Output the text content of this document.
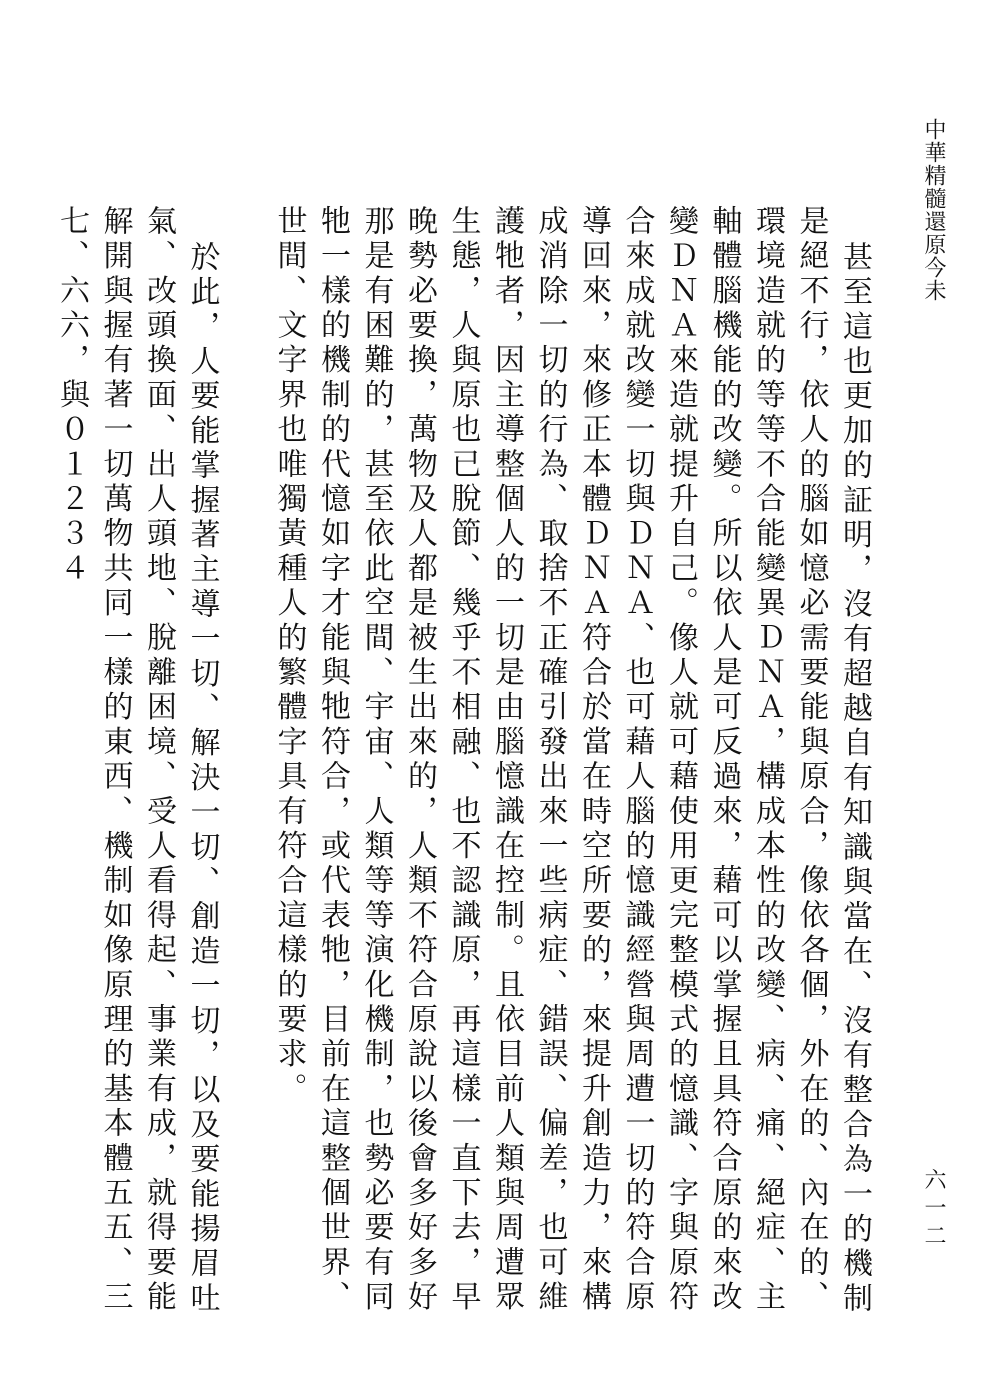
中華精髓還原今未
六一二

甚至這也更加的証明，沒有超越自有知識與當在、沒有整合為一的機制是絕不行，依人的腦如憶必需要能與原合，像依各個，外在的、內在的、環境造就的等等不合能變異ＤＮＡ，構成本性的改變、病、痛、絕症、主軸體腦機能的改變。所以依人是可反過來，藉可以掌握且具符合原的來改變ＤＮＡ來造就提升自己。像人就可藉使用更完整模式的憶識、字與原符合來成就改變一切與ＤＮＡ、也可藉人腦的憶識經營與周遭一切的符合原導回來，來修正本體ＤＮＡ符合於當在時空所要的，來提升創造力，來構成消除一切的行為、取捨不正確引發出來一些病症、錯誤、偏差，也可維護牠者，因主導整個人的一切是由腦憶識在控制。且依目前人類與周遭眾生態，人與原也已脫節、幾乎不相融、也不認識原，再這樣一直下去，早晚勢必要換，萬物及人都是被生出來的，人類不符合原說以後會多好多好那是有困難的，甚至依此空間、宇宙、人類等等演化機制，也勢必要有同牠一樣的機制的代憶如字才能與牠符合，或代表牠，目前在這整個世界、世間、文字界也唯獨黃種人的繁體字具有符合這樣的要求。

於此，人要能掌握著主導一切、解決一切、創造一切，以及要能揚眉吐氣、改頭換面、出人頭地、脫離困境、受人看得起、事業有成，就得要能解開與握有著一切萬物共同一樣的東西、機制如像原理的基本體五五、三七、六六，與０１２３４
